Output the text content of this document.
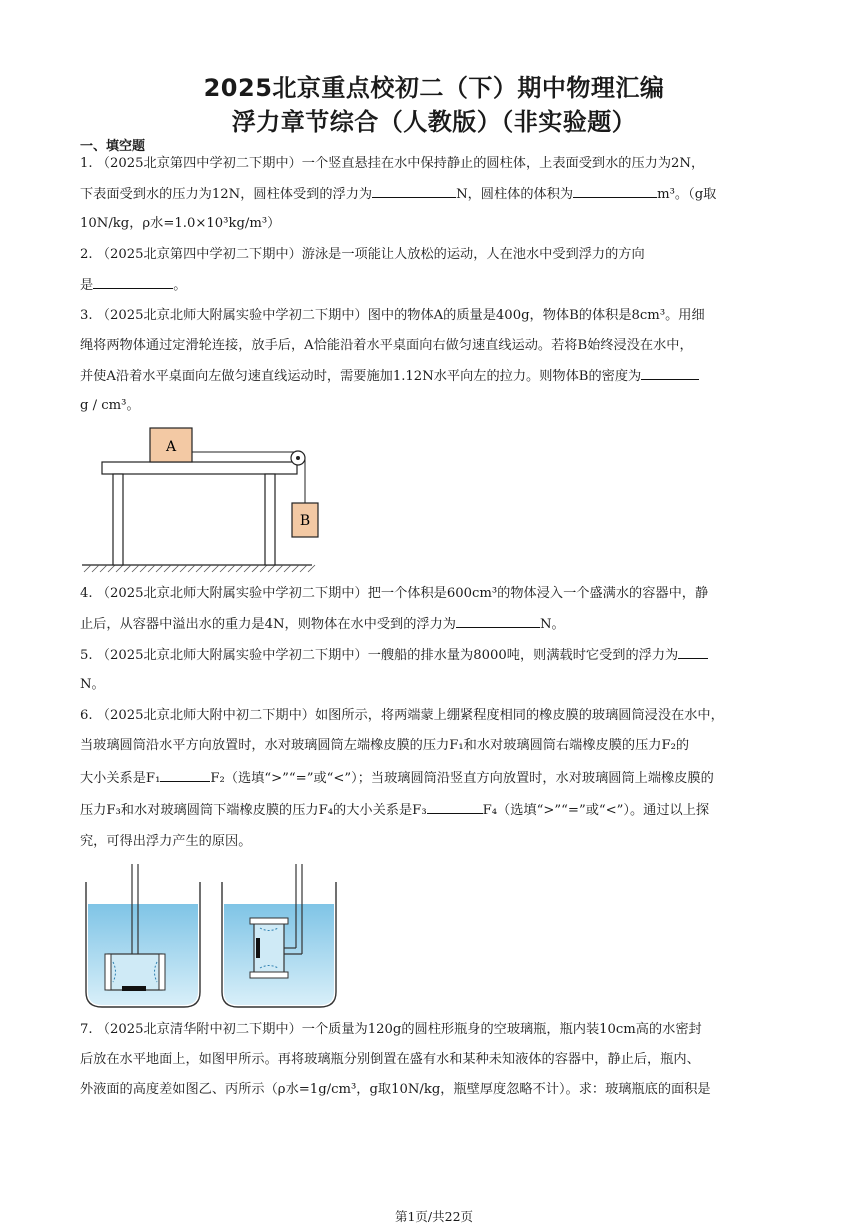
2025北京重点校初二（下）期中物理汇编
浮力章节综合（人教版）（非实验题）
一、填空题
1. （2025北京第四中学初二下期中）一个竖直悬挂在水中保持静止的圆柱体，上表面受到水的压力为2N，
下表面受到水的压力为12N，圆柱体受到的浮力为	N，圆柱体的体积为	m³。（g取
10N/kg，ρ水=1.0×10³kg/m³）
2. （2025北京第四中学初二下期中）游泳是一项能让人放松的运动，人在池水中受到浮力的方向
是	。
3. （2025北京北师大附属实验中学初二下期中）图中的物体A的质量是400g，物体B的体积是8cm³。用细
绳将两物体通过定滑轮连接，放手后，A恰能沿着水平桌面向右做匀速直线运动。若将B始终浸没在水中，
并使A沿着水平桌面向左做匀速直线运动时，需要施加1.12N水平向左的拉力。则物体B的密度为
g / cm³。
A
B
4. （2025北京北师大附属实验中学初二下期中）把一个体积是600cm³的物体浸入一个盛满水的容器中，静
止后，从容器中溢出水的重力是4N，则物体在水中受到的浮力为	N。
5. （2025北京北师大附属实验中学初二下期中）一艘船的排水量为8000吨，则满载时它受到的浮力为
N。
6. （2025北京北师大附中初二下期中）如图所示，将两端蒙上绷紧程度相同的橡皮膜的玻璃圆筒浸没在水中，
当玻璃圆筒沿水平方向放置时，水对玻璃圆筒左端橡皮膜的压力F₁和水对玻璃圆筒右端橡皮膜的压力F₂的
大小关系是F₁	F₂（选填“>”“=”或“<”）；当玻璃圆筒沿竖直方向放置时，水对玻璃圆筒上端橡皮膜的
压力F₃和水对玻璃圆筒下端橡皮膜的压力F₄的大小关系是F₃	F₄（选填“>”“=”或“<”）。通过以上探
究，可得出浮力产生的原因。
7. （2025北京清华附中初二下期中）一个质量为120g的圆柱形瓶身的空玻璃瓶，瓶内装10cm高的水密封
后放在水平地面上，如图甲所示。再将玻璃瓶分别倒置在盛有水和某种未知液体的容器中，静止后，瓶内、
外液面的高度差如图乙、丙所示（ρ水=1g/cm³，g取10N/kg，瓶壁厚度忽略不计）。求：玻璃瓶底的面积是
第1页/共22页
